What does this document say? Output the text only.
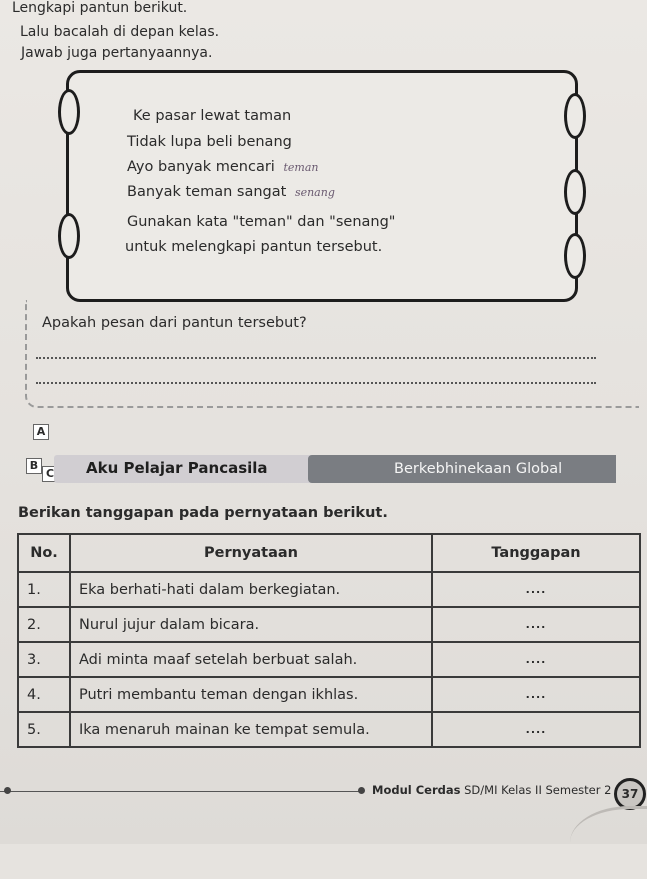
Lengkapi pantun berikut.
Lalu bacalah di depan kelas.
Jawab juga pertanyaannya.
Ke pasar lewat taman
Tidak lupa beli benang
Ayo banyak mencari teman
Banyak teman sangat senang
Gunakan kata "teman" dan "senang"
untuk melengkapi pantun tersebut.
Apakah pesan dari pantun tersebut?
A
B
C Aku Pelajar Pancasila	Berkebhinekaan Global
Berikan tanggapan pada pernyataan berikut.
No.	Pernyataan	Tanggapan
1.	Eka berhati-hati dalam berkegiatan.	....
2.	Nurul jujur dalam bicara.	....
3.	Adi minta maaf setelah berbuat salah.	....
4.	Putri membantu teman dengan ikhlas.	....
5.	Ika menaruh mainan ke tempat semula.	....
Modul Cerdas SD/MI Kelas II Semester 2 37
